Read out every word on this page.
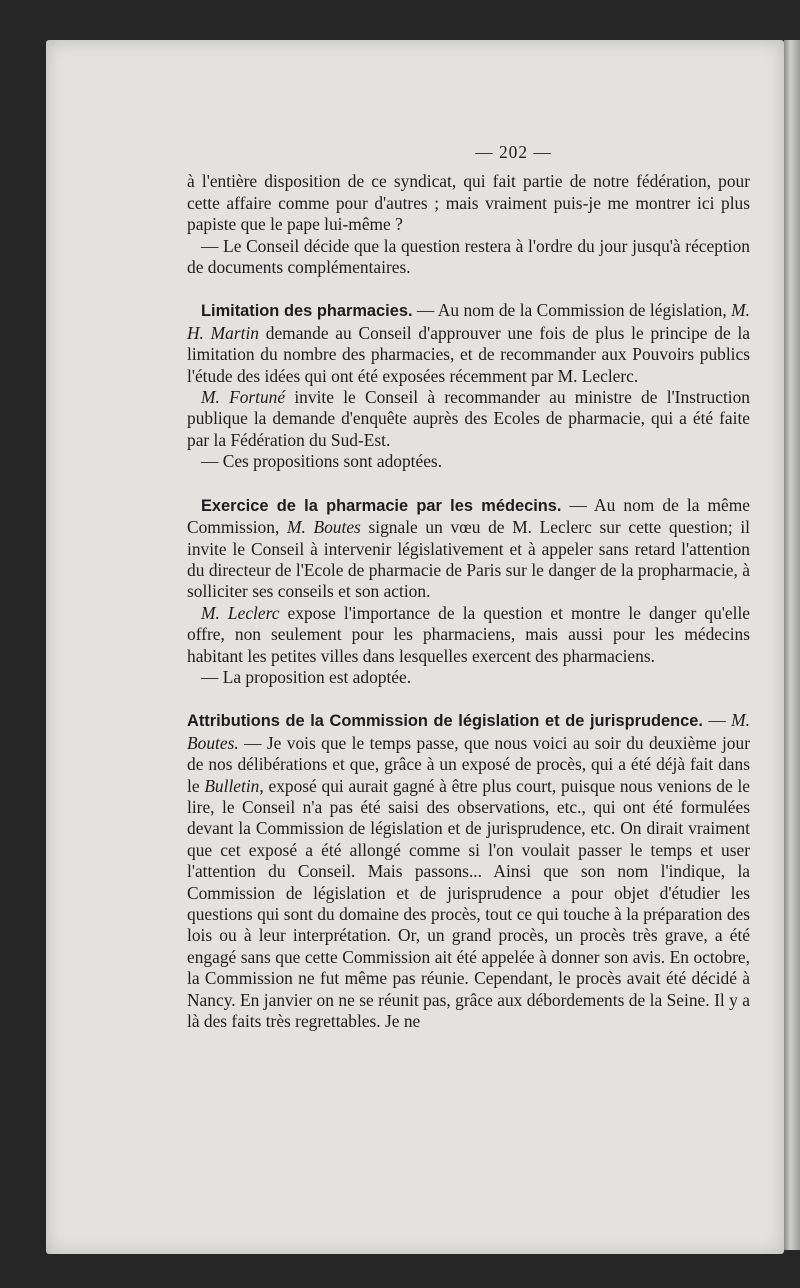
— 202 —

à l'entière disposition de ce syndicat, qui fait partie de notre fédération, pour cette affaire comme pour d'autres ; mais vraiment puis-je me montrer ici plus papiste que le pape lui-même ?

— Le Conseil décide que la question restera à l'ordre du jour jusqu'à réception de documents complémentaires.

Limitation des pharmacies. — Au nom de la Commission de législation, M. H. Martin demande au Conseil d'approuver une fois de plus le principe de la limitation du nombre des pharmacies, et de recommander aux Pouvoirs publics l'étude des idées qui ont été exposées récemment par M. Leclerc.

M. Fortuné invite le Conseil à recommander au ministre de l'Instruction publique la demande d'enquête auprès des Ecoles de pharmacie, qui a été faite par la Fédération du Sud-Est.

— Ces propositions sont adoptées.

Exercice de la pharmacie par les médecins. — Au nom de la même Commission, M. Boutes signale un vœu de M. Leclerc sur cette question; il invite le Conseil à intervenir législativement et à appeler sans retard l'attention du directeur de l'Ecole de pharmacie de Paris sur le danger de la propharmacie, à solliciter ses conseils et son action.

M. Leclerc expose l'importance de la question et montre le danger qu'elle offre, non seulement pour les pharmaciens, mais aussi pour les médecins habitant les petites villes dans lesquelles exercent des pharmaciens.

— La proposition est adoptée.

Attributions de la Commission de législation et de jurisprudence. — M. Boutes. — Je vois que le temps passe, que nous voici au soir du deuxième jour de nos délibérations et que, grâce à un exposé de procès, qui a été déjà fait dans le Bulletin, exposé qui aurait gagné à être plus court, puisque nous venions de le lire, le Conseil n'a pas été saisi des observations, etc., qui ont été formulées devant la Commission de législation et de jurisprudence, etc. On dirait vraiment que cet exposé a été allongé comme si l'on voulait passer le temps et user l'attention du Conseil. Mais passons... Ainsi que son nom l'indique, la Commission de législation et de jurisprudence a pour objet d'étudier les questions qui sont du domaine des procès, tout ce qui touche à la préparation des lois ou à leur interprétation. Or, un grand procès, un procès très grave, a été engagé sans que cette Commission ait été appelée à donner son avis. En octobre, la Commission ne fut même pas réunie. Cependant, le procès avait été décidé à Nancy. En janvier on ne se réunit pas, grâce aux débordements de la Seine. Il y a là des faits très regrettables. Je ne
